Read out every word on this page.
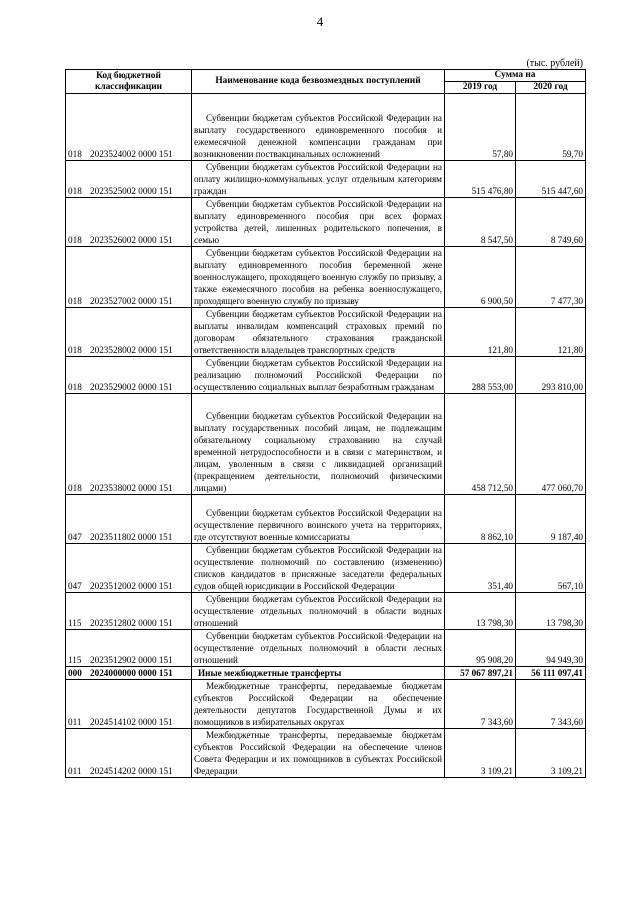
4
(тыс. рублей)
Код бюджетной классификации	Наименование кода безвозмездных поступлений	Сумма на	
		2019 год	2020 год
018 2023524002 0000 151	Субвенции бюджетам субъектов Российской Федерации на выплату государственного единовременного пособия и ежемесячной денежной компенсации гражданам при возникновении поствакцинальных осложнений	57,80	59,70
018 2023525002 0000 151	Субвенции бюджетам субъектов Российской Федерации на оплату жилищно-коммунальных услуг отдельным категориям граждан	515 476,80	515 447,60
018 2023526002 0000 151	Субвенции бюджетам субъектов Российской Федерации на выплату единовременного пособия при всех формах устройства детей, лишенных родительского попечения, в семью	8 547,50	8 749,60
018 2023527002 0000 151	Субвенции бюджетам субъектов Российской Федерации на выплату единовременного пособия беременной жене военнослужащего, проходящего военную службу по призыву, а также ежемесячного пособия на ребенка военнослужащего, проходящего военную службу по призыву	6 900,50	7 477,30
018 2023528002 0000 151	Субвенции бюджетам субъектов Российской Федерации на выплаты инвалидам компенсаций страховых премий по договорам обязательного страхования гражданской ответственности владельцев транспортных средств	121,80	121,80
018 2023529002 0000 151	Субвенции бюджетам субъектов Российской Федерации на реализацию полномочий Российской Федерации по осуществлению социальных выплат безработным гражданам	288 553,00	293 810,00
018 2023538002 0000 151	Субвенции бюджетам субъектов Российской Федерации на выплату государственных пособий лицам, не подлежащим обязательному социальному страхованию на случай временной нетрудоспособности и в связи с материнством, и лицам, уволенным в связи с ликвидацией организаций (прекращением деятельности, полномочий физическими лицами)	458 712,50	477 060,70
047 2023511802 0000 151	Субвенции бюджетам субъектов Российской Федерации на осуществление первичного воинского учета на территориях, где отсутствуют военные комиссариаты	8 862,10	9 187,40
047 2023512002 0000 151	Субвенции бюджетам субъектов Российской Федерации на осуществление полномочий по составлению (изменению) списков кандидатов в присяжные заседатели федеральных судов общей юрисдикции в Российской Федерации	351,40	567,10
115 2023512802 0000 151	Субвенции бюджетам субъектов Российской Федерации на осуществление отдельных полномочий в области водных отношений	13 798,30	13 798,30
115 2023512902 0000 151	Субвенции бюджетам субъектов Российской Федерации на осуществление отдельных полномочий в области лесных отношений	95 908,20	94 949,30
000 2024000000 0000 151	Иные межбюджетные трансферты	57 067 897,21	56 111 097,41
011 2024514102 0000 151	Межбюджетные трансферты, передаваемые бюджетам субъектов Российской Федерации на обеспечение деятельности депутатов Государственной Думы и их помощников в избирательных округах	7 343,60	7 343,60
011 2024514202 0000 151	Межбюджетные трансферты, передаваемые бюджетам субъектов Российской Федерации на обеспечение членов Совета Федерации и их помощников в субъектах Российской Федерации	3 109,21	3 109,21
